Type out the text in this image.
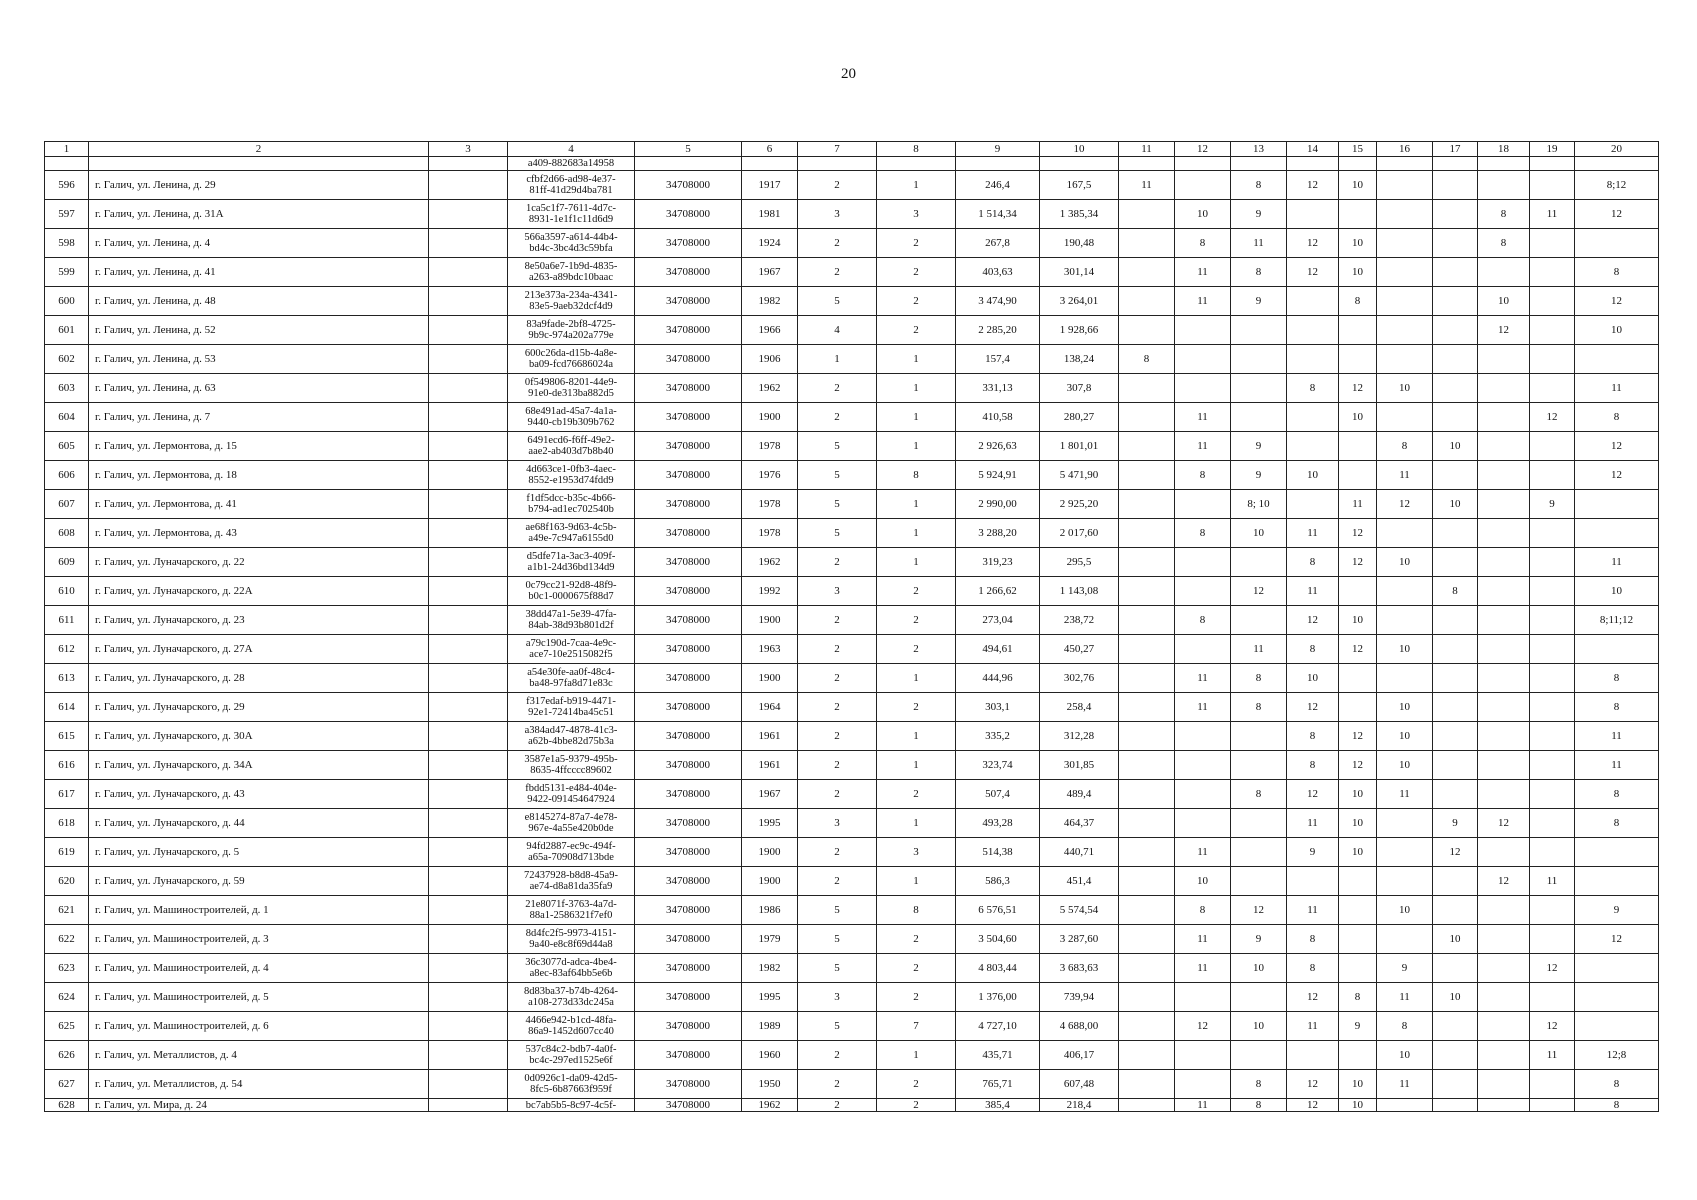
20
1	2	3	4	5	6	7	8	9	10	11	12	13	14	15	16	17	18	19	20
			a409-882683a14958																
596	г. Галич, ул. Ленина, д. 29		cfbf2d66-ad98-4e37-
81ff-41d29d4ba781	34708000	1917	2	1	246,4	167,5	11		8	12	10					8;12
597	г. Галич, ул. Ленина, д. 31А		1ca5c1f7-7611-4d7c-
8931-1e1f1c11d6d9	34708000	1981	3	3	1 514,34	1 385,34		10	9					8	11	12
598	г. Галич, ул. Ленина, д. 4		566a3597-a614-44b4-
bd4c-3bc4d3c59bfa	34708000	1924	2	2	267,8	190,48		8	11	12	10			8		
599	г. Галич, ул. Ленина, д. 41		8e50a6e7-1b9d-4835-
a263-a89bdc10baac	34708000	1967	2	2	403,63	301,14		11	8	12	10					8
600	г. Галич, ул. Ленина, д. 48		213e373a-234a-4341-
83e5-9aeb32dcf4d9	34708000	1982	5	2	3 474,90	3 264,01		11	9		8			10		12
601	г. Галич, ул. Ленина, д. 52		83a9fade-2bf8-4725-
9b9c-974a202a779e	34708000	1966	4	2	2 285,20	1 928,66								12		10
602	г. Галич, ул. Ленина, д. 53		600c26da-d15b-4a8e-
ba09-fcd76686024a	34708000	1906	1	1	157,4	138,24	8									
603	г. Галич, ул. Ленина, д. 63		0f549806-8201-44e9-
91e0-de313ba882d5	34708000	1962	2	1	331,13	307,8				8	12	10				11
604	г. Галич, ул. Ленина, д. 7		68e491ad-45a7-4a1a-
9440-cb19b309b762	34708000	1900	2	1	410,58	280,27		11			10				12	8
605	г. Галич, ул. Лермонтова, д. 15		6491ecd6-f6ff-49e2-
aae2-ab403d7b8b40	34708000	1978	5	1	2 926,63	1 801,01		11	9			8	10			12
606	г. Галич, ул. Лермонтова, д. 18		4d663ce1-0fb3-4aec-
8552-e1953d74fdd9	34708000	1976	5	8	5 924,91	5 471,90		8	9	10		11				12
607	г. Галич, ул. Лермонтова, д. 41		f1df5dcc-b35c-4b66-
b794-ad1ec702540b	34708000	1978	5	1	2 990,00	2 925,20			8; 10		11	12	10		9	
608	г. Галич, ул. Лермонтова, д. 43		ae68f163-9d63-4c5b-
a49e-7c947a6155d0	34708000	1978	5	1	3 288,20	2 017,60		8	10	11	12					
609	г. Галич, ул. Луначарского, д. 22		d5dfe71a-3ac3-409f-
a1b1-24d36bd134d9	34708000	1962	2	1	319,23	295,5				8	12	10				11
610	г. Галич, ул. Луначарского, д. 22А		0c79cc21-92d8-48f9-
b0c1-0000675f88d7	34708000	1992	3	2	1 266,62	1 143,08			12	11			8			10
611	г. Галич, ул. Луначарского, д. 23		38dd47a1-5e39-47fa-
84ab-38d93b801d2f	34708000	1900	2	2	273,04	238,72		8		12	10					8;11;12
612	г. Галич, ул. Луначарского, д. 27А		a79c190d-7caa-4e9c-
ace7-10e2515082f5	34708000	1963	2	2	494,61	450,27			11	8	12	10				
613	г. Галич, ул. Луначарского, д. 28		a54e30fe-aa0f-48c4-
ba48-97fa8d71e83c	34708000	1900	2	1	444,96	302,76		11	8	10						8
614	г. Галич, ул. Луначарского, д. 29		f317edaf-b919-4471-
92e1-72414ba45c51	34708000	1964	2	2	303,1	258,4		11	8	12		10				8
615	г. Галич, ул. Луначарского, д. 30А		a384ad47-4878-41c3-
a62b-4bbe82d75b3a	34708000	1961	2	1	335,2	312,28				8	12	10				11
616	г. Галич, ул. Луначарского, д. 34А		3587e1a5-9379-495b-
8635-4ffcccc89602	34708000	1961	2	1	323,74	301,85				8	12	10				11
617	г. Галич, ул. Луначарского, д. 43		fbdd5131-e484-404e-
9422-091454647924	34708000	1967	2	2	507,4	489,4			8	12	10	11				8
618	г. Галич, ул. Луначарского, д. 44		e8145274-87a7-4e78-
967e-4a55e420b0de	34708000	1995	3	1	493,28	464,37				11	10		9	12		8
619	г. Галич, ул. Луначарского, д. 5		94fd2887-ec9c-494f-
a65a-70908d713bde	34708000	1900	2	3	514,38	440,71		11		9	10		12			
620	г. Галич, ул. Луначарского, д. 59		72437928-b8d8-45a9-
ae74-d8a81da35fa9	34708000	1900	2	1	586,3	451,4		10						12	11	
621	г. Галич, ул. Машиностроителей, д. 1		21e8071f-3763-4a7d-
88a1-2586321f7ef0	34708000	1986	5	8	6 576,51	5 574,54		8	12	11		10				9
622	г. Галич, ул. Машиностроителей, д. 3		8d4fc2f5-9973-4151-
9a40-e8c8f69d44a8	34708000	1979	5	2	3 504,60	3 287,60		11	9	8			10			12
623	г. Галич, ул. Машиностроителей, д. 4		36c3077d-adca-4be4-
a8ec-83af64bb5e6b	34708000	1982	5	2	4 803,44	3 683,63		11	10	8		9			12	
624	г. Галич, ул. Машиностроителей, д. 5		8d83ba37-b74b-4264-
a108-273d33dc245a	34708000	1995	3	2	1 376,00	739,94				12	8	11	10			
625	г. Галич, ул. Машиностроителей, д. 6		4466e942-b1cd-48fa-
86a9-1452d607cc40	34708000	1989	5	7	4 727,10	4 688,00		12	10	11	9	8			12	
626	г. Галич, ул. Металлистов, д. 4		537c84c2-bdb7-4a0f-
bc4c-297ed1525e6f	34708000	1960	2	1	435,71	406,17						10			11	12;8
627	г. Галич, ул. Металлистов, д. 54		0d0926c1-da09-42d5-
8fc5-6b87663f959f	34708000	1950	2	2	765,71	607,48			8	12	10	11				8
628	г. Галич, ул. Мира, д. 24		bc7ab5b5-8c97-4c5f-	34708000	1962	2	2	385,4	218,4		11	8	12	10					8
